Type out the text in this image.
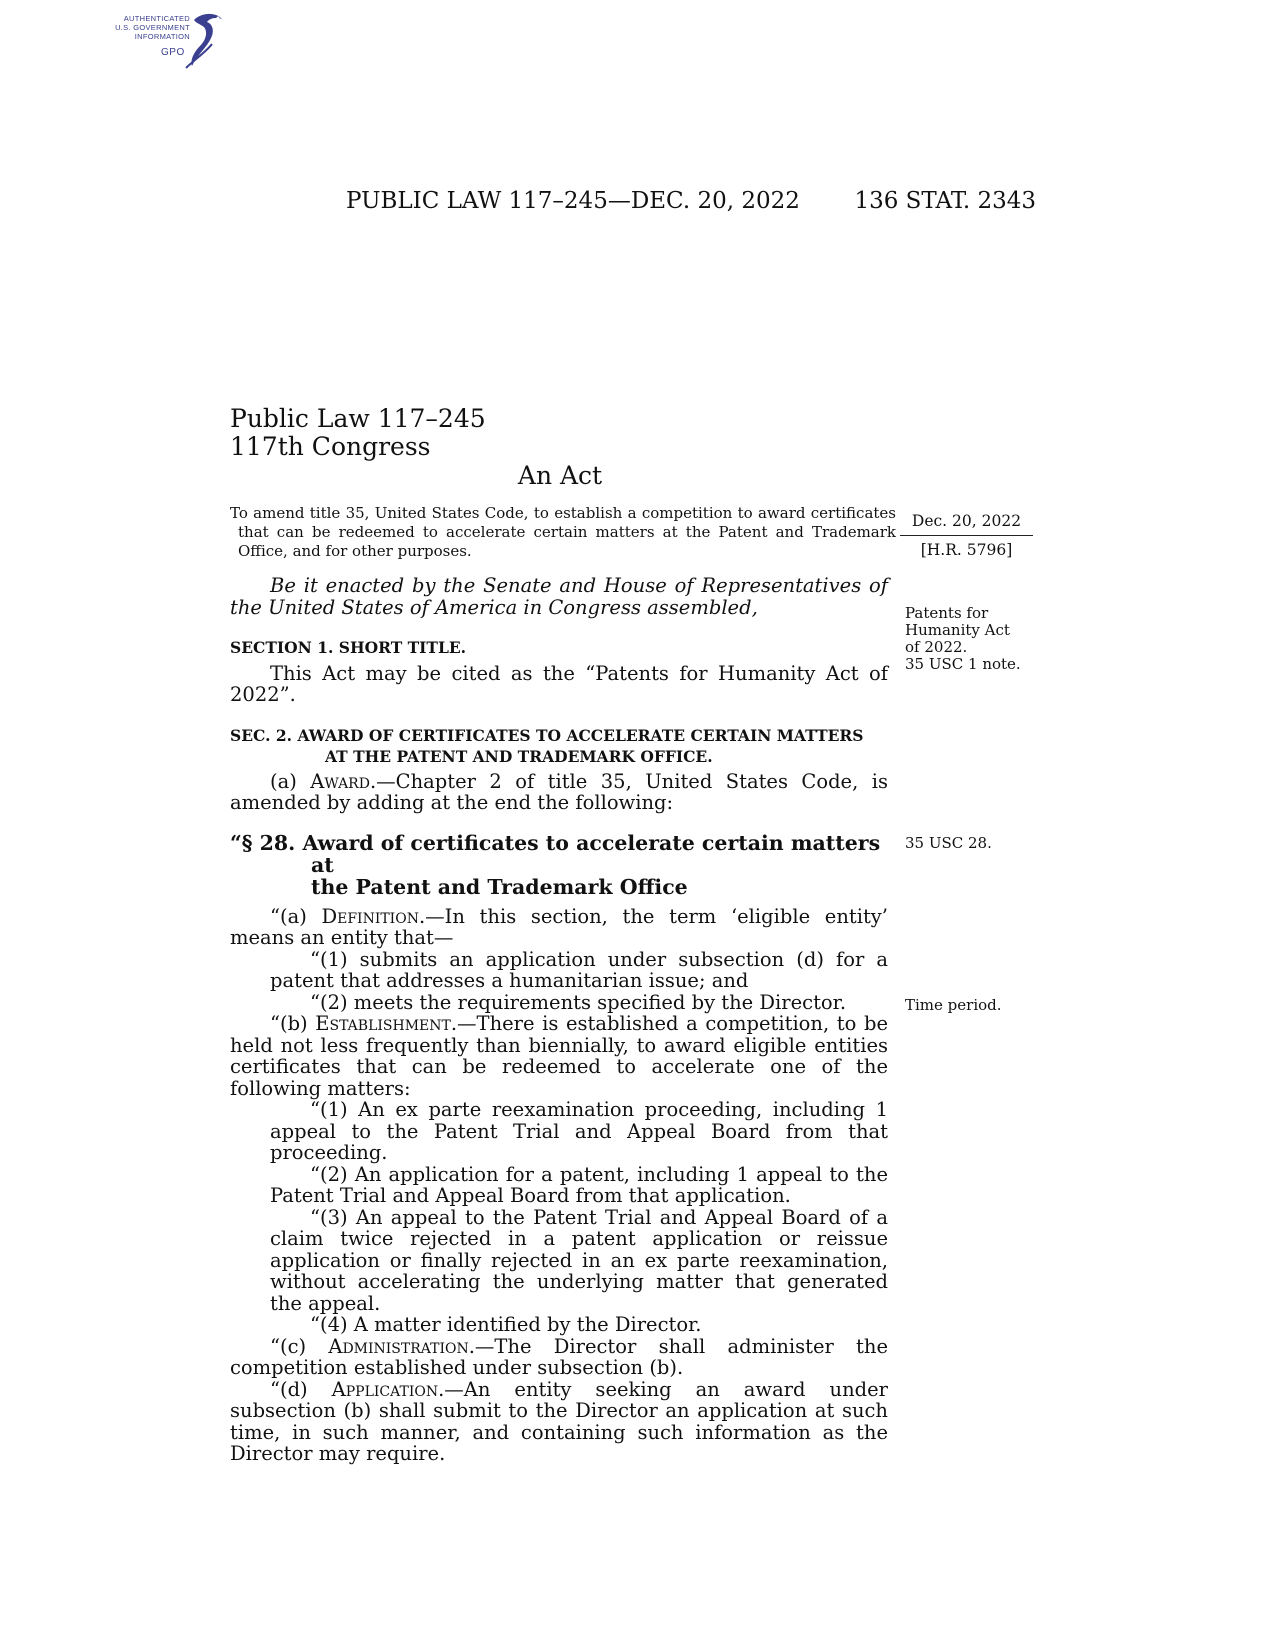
AUTHENTICATED
U.S. GOVERNMENT
INFORMATION
GPO
PUBLIC LAW 117–245—DEC. 20, 2022 136 STAT. 2343
Public Law 117–245
117th Congress
An Act
To amend title 35, United States Code, to establish a competition to award certificates that can be redeemed to accelerate certain matters at the Patent and Trademark Office, and for other purposes.
Dec. 20, 2022
[H.R. 5796]
Patents for
Humanity Act
of 2022.
35 USC 1 note.
35 USC 28.
Time period.

Be it enacted by the Senate and House of Representatives of the United States of America in Congress assembled,

SECTION 1. SHORT TITLE.

This Act may be cited as the “Patents for Humanity Act of 2022”.

SEC. 2. AWARD OF CERTIFICATES TO ACCELERATE CERTAIN MATTERS
AT THE PATENT AND TRADEMARK OFFICE.

(a) Award.—Chapter 2 of title 35, United States Code, is amended by adding at the end the following:

“§ 28. Award of certificates to accelerate certain matters at
the Patent and Trademark Office

“(a) Definition.—In this section, the term ‘eligible entity’ means an entity that—

“(1) submits an application under subsection (d) for a patent that addresses a humanitarian issue; and

“(2) meets the requirements specified by the Director.

“(b) Establishment.—There is established a competition, to be held not less frequently than biennially, to award eligible entities certificates that can be redeemed to accelerate one of the following matters:

“(1) An ex parte reexamination proceeding, including 1 appeal to the Patent Trial and Appeal Board from that proceeding.

“(2) An application for a patent, including 1 appeal to the Patent Trial and Appeal Board from that application.

“(3) An appeal to the Patent Trial and Appeal Board of a claim twice rejected in a patent application or reissue application or finally rejected in an ex parte reexamination, without accelerating the underlying matter that generated the appeal.

“(4) A matter identified by the Director.

“(c) Administration.—The Director shall administer the competition established under subsection (b).

“(d) Application.—An entity seeking an award under subsection (b) shall submit to the Director an application at such time, in such manner, and containing such information as the Director may require.
